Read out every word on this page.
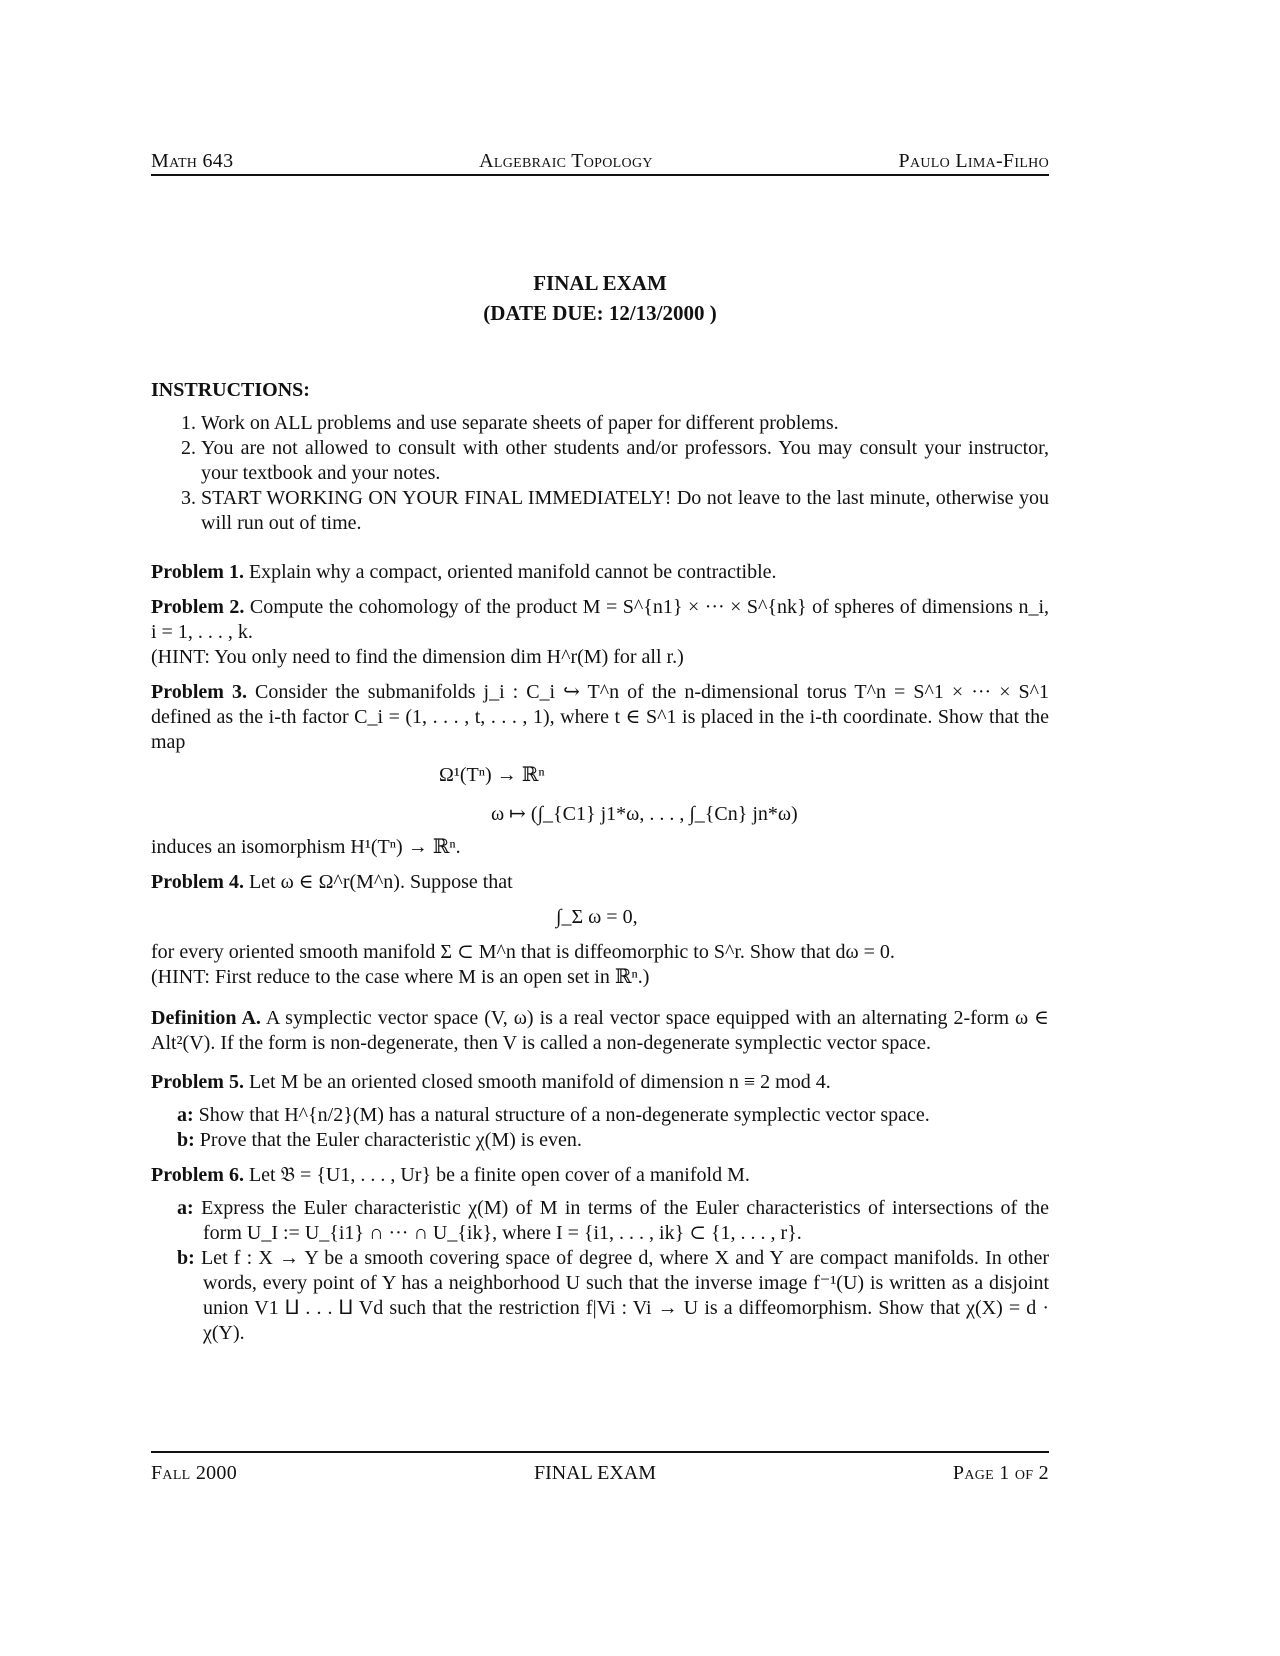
Math 643	Algebraic Topology	Paulo Lima-Filho
FINAL EXAM
(DATE DUE: 12/13/2000 )
INSTRUCTIONS:
1. Work on ALL problems and use separate sheets of paper for different problems.
2. You are not allowed to consult with other students and/or professors. You may consult your instructor, your textbook and your notes.
3. START WORKING ON YOUR FINAL IMMEDIATELY! Do not leave to the last minute, otherwise you will run out of time.
Problem 1. Explain why a compact, oriented manifold cannot be contractible.
Problem 2. Compute the cohomology of the product M = S^{n1} × ··· × S^{nk} of spheres of dimensions n_i, i = 1, . . . , k.
(HINT: You only need to find the dimension dim H^r(M) for all r.)
Problem 3. Consider the submanifolds j_i : C_i ↪ T^n of the n-dimensional torus T^n = S^1 × ··· × S^1 defined as the i-th factor C_i = (1, . . . , t, . . . , 1), where t ∈ S^1 is placed in the i-th coordinate. Show that the map
Ω¹(Tⁿ) → ℝⁿ
ω ↦ (∫_{C1} j1*ω, . . . , ∫_{Cn} jn*ω)
induces an isomorphism H¹(Tⁿ) → ℝⁿ.
Problem 4. Let ω ∈ Ω^r(M^n). Suppose that
∫_Σ ω = 0,
for every oriented smooth manifold Σ ⊂ M^n that is diffeomorphic to S^r. Show that dω = 0.
(HINT: First reduce to the case where M is an open set in ℝⁿ.)
Definition A. A symplectic vector space (V, ω) is a real vector space equipped with an alternating 2-form ω ∈ Alt²(V). If the form is non-degenerate, then V is called a non-degenerate symplectic vector space.
Problem 5. Let M be an oriented closed smooth manifold of dimension n ≡ 2 mod 4.
a: Show that H^{n/2}(M) has a natural structure of a non-degenerate symplectic vector space.
b: Prove that the Euler characteristic χ(M) is even.
Problem 6. Let 𝔅 = {U1, . . . , Ur} be a finite open cover of a manifold M.
a: Express the Euler characteristic χ(M) of M in terms of the Euler characteristics of intersections of the form U_I := U_{i1} ∩ ··· ∩ U_{ik}, where I = {i1, . . . , ik} ⊂ {1, . . . , r}.
b: Let f : X → Y be a smooth covering space of degree d, where X and Y are compact manifolds. In other words, every point of Y has a neighborhood U such that the inverse image f⁻¹(U) is written as a disjoint union V1 ⨿ . . . ⨿ Vd such that the restriction f|Vi : Vi → U is a diffeomorphism. Show that χ(X) = d · χ(Y).
Fall 2000	FINAL EXAM	Page 1 of 2
